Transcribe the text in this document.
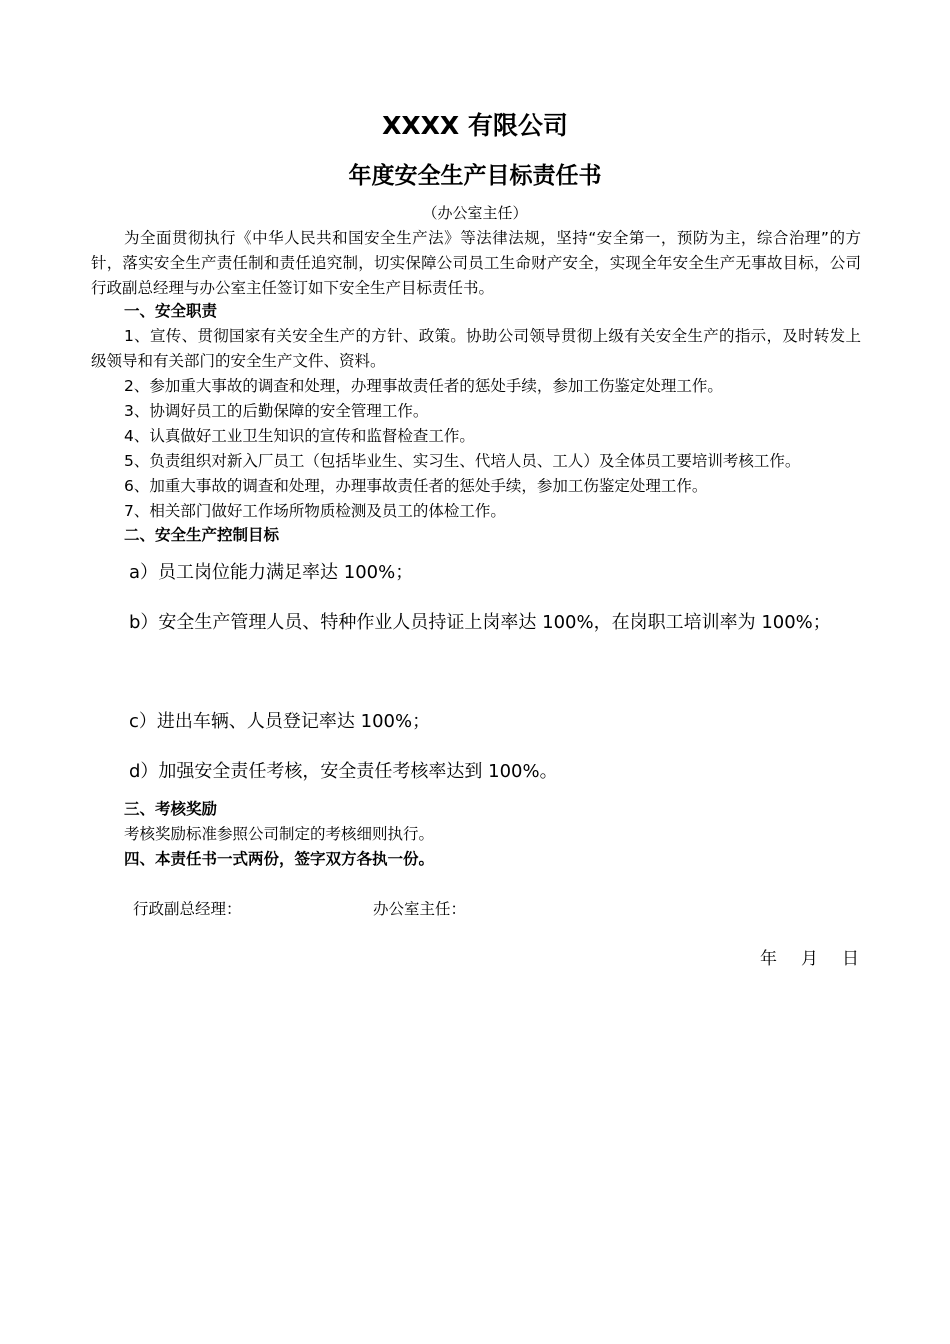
XXXX 有限公司
年度安全生产目标责任书
（办公室主任）
为全面贯彻执行《中华人民共和国安全生产法》等法律法规，坚持“安全第一，预防为主，综合治理”的方针，落实安全生产责任制和责任追究制，切实保障公司员工生命财产安全，实现全年安全生产无事故目标，公司行政副总经理与办公室主任签订如下安全生产目标责任书。
一、安全职责
1、宣传、贯彻国家有关安全生产的方针、政策。协助公司领导贯彻上级有关安全生产的指示，及时转发上级领导和有关部门的安全生产文件、资料。
2、参加重大事故的调查和处理，办理事故责任者的惩处手续，参加工伤鉴定处理工作。
3、协调好员工的后勤保障的安全管理工作。
4、认真做好工业卫生知识的宣传和监督检查工作。
5、负责组织对新入厂员工（包括毕业生、实习生、代培人员、工人）及全体员工要培训考核工作。
6、加重大事故的调查和处理，办理事故责任者的惩处手续，参加工伤鉴定处理工作。
7、相关部门做好工作场所物质检测及员工的体检工作。
二、安全生产控制目标
a）员工岗位能力满足率达 100%；
b）安全生产管理人员、特种作业人员持证上岗率达 100%，在岗职工培训率为 100%；
c）进出车辆、人员登记率达 100%；
d）加强安全责任考核，安全责任考核率达到 100%。
三、考核奖励
考核奖励标准参照公司制定的考核细则执行。
四、本责任书一式两份，签字双方各执一份。
行政副总经理：	办公室主任：
年 月 日
